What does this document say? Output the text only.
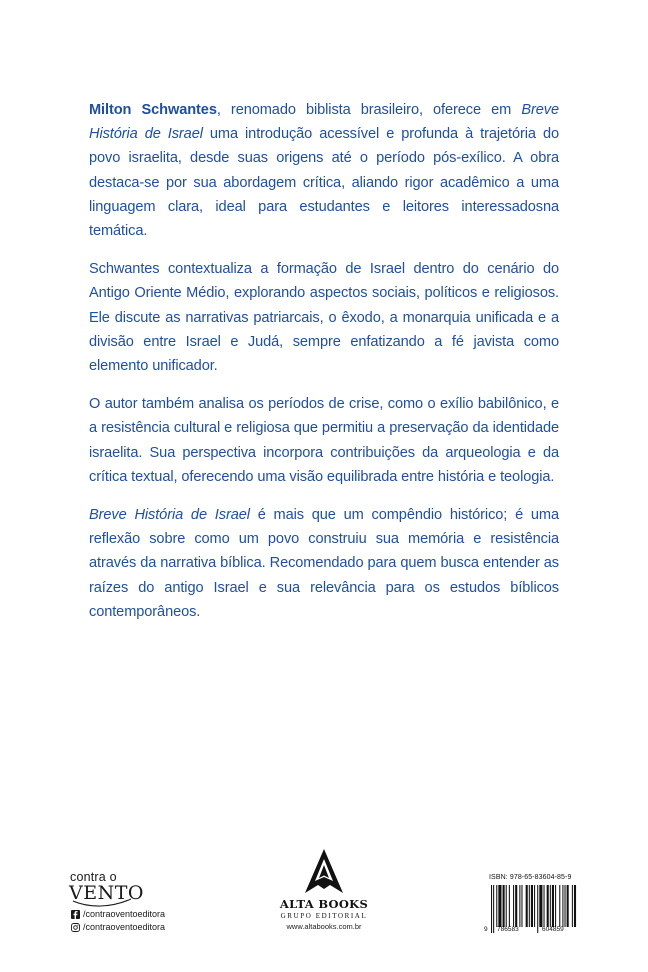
Milton Schwantes, renomado biblista brasileiro, oferece em Breve História de Israel uma introdução acessível e profunda à trajetória do povo israelita, desde suas origens até o período pós-exílico. A obra destaca-se por sua abordagem crítica, aliando rigor acadêmico a uma linguagem clara, ideal para estudantes e leitores interessadosna temática.

Schwantes contextualiza a formação de Israel dentro do cenário do Antigo Oriente Médio, explorando aspectos sociais, políticos e religiosos. Ele discute as narrativas patriarcais, o êxodo, a monarquia unificada e a divisão entre Israel e Judá, sempre enfatizando a fé javista como elemento unificador.

O autor também analisa os períodos de crise, como o exílio babilônico, e a resistência cultural e religiosa que permitiu a preservação da identidade israelita. Sua perspectiva incorpora contribuições da arqueologia e da crítica textual, oferecendo uma visão equilibrada entre história e teologia.

Breve História de Israel é mais que um compêndio histórico; é uma reflexão sobre como um povo construiu sua memória e resistência através da narrativa bíblica. Recomendado para quem busca entender as raízes do antigo Israel e sua relevância para os estudos bíblicos contemporâneos.

contra o
VENTO
/contraoventoeditora
/contraoventoeditora
ALTA BOOKS
GRUPO EDITORIAL
www.altabooks.com.br
ISBN: 978-65-83604-85-9
9 786583	604859
